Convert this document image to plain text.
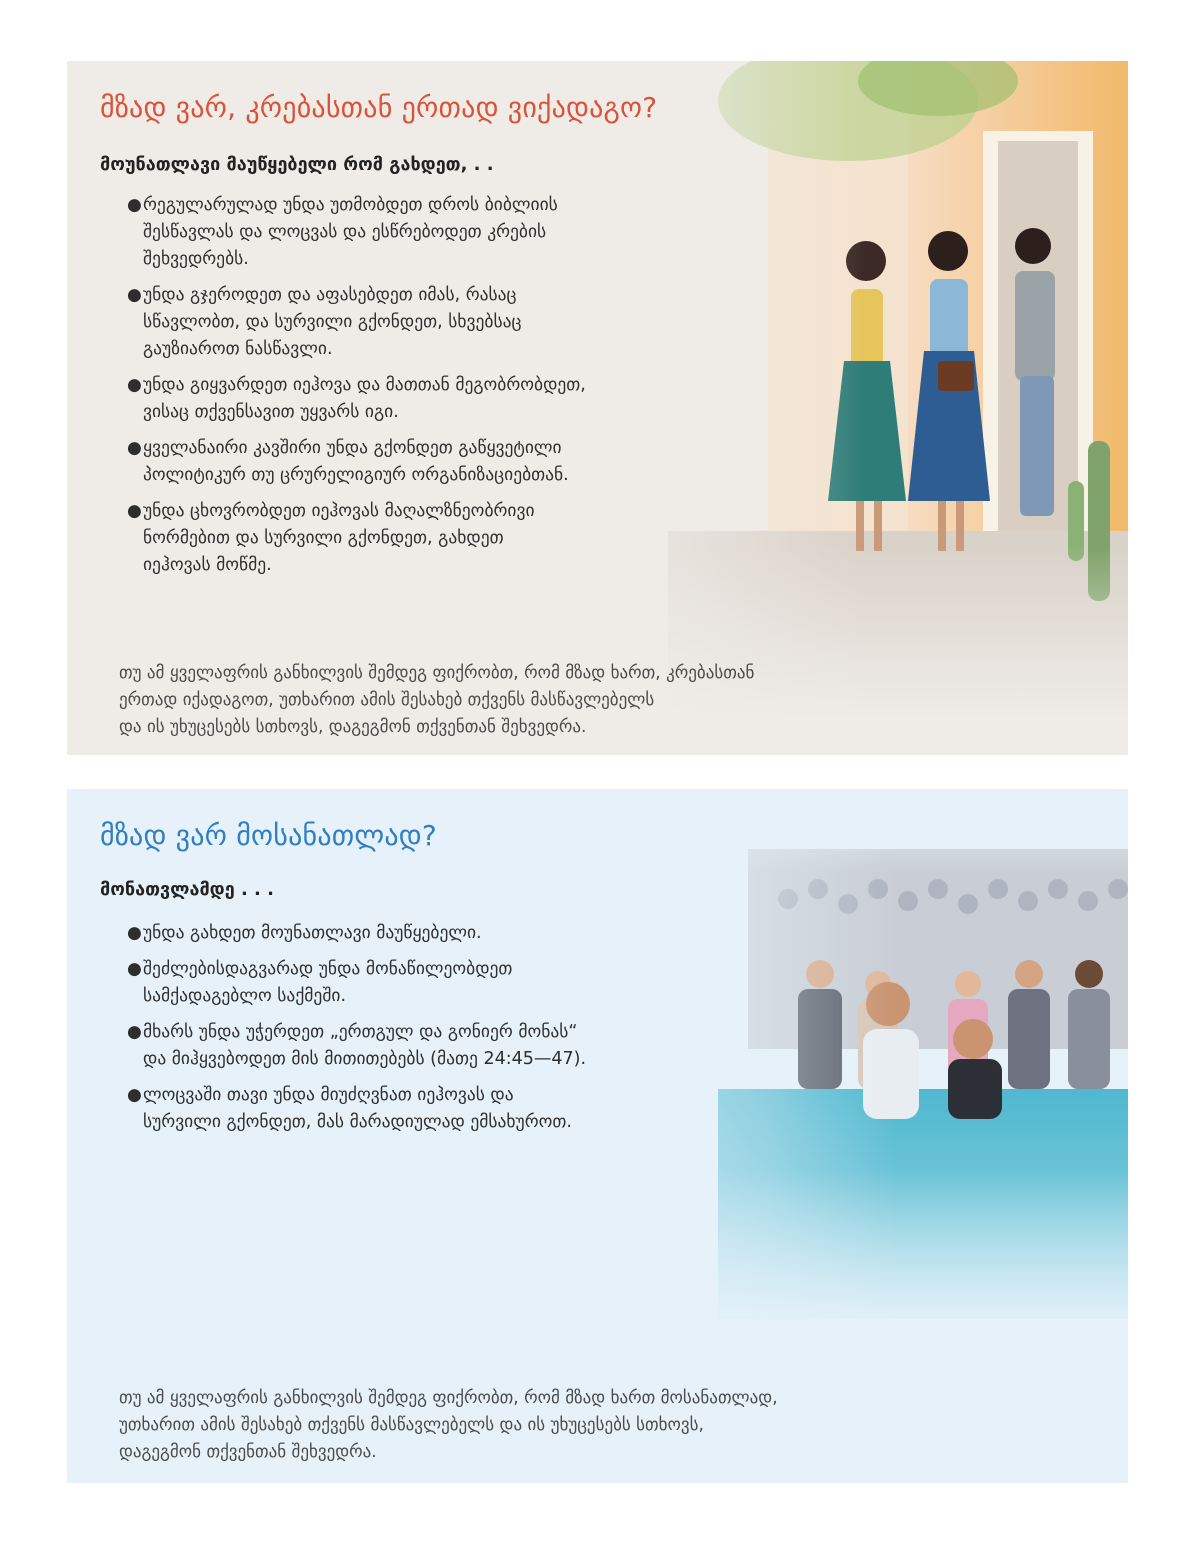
მზად ვარ, კრებასთან ერთად ვიქადაგო?
მოუნათლავი მაუწყებელი რომ გახდეთ, . .
● რეგულარულად უნდა უთმობდეთ დროს ბიბლიის
შესწავლას და ლოცვას და ესწრებოდეთ კრების
შეხვედრებს.
● უნდა გჯეროდეთ და აფასებდეთ იმას, რასაც
სწავლობთ, და სურვილი გქონდეთ, სხვებსაც
გაუზიაროთ ნასწავლი.
● უნდა გიყვარდეთ იეჰოვა და მათთან მეგობრობდეთ,
ვისაც თქვენსავით უყვარს იგი.
● ყველანაირი კავშირი უნდა გქონდეთ გაწყვეტილი
პოლიტიკურ თუ ცრურელიგიურ ორგანიზაციებთან.
● უნდა ცხოვრობდეთ იეჰოვას მაღალზნეობრივი
ნორმებით და სურვილი გქონდეთ, გახდეთ
იეჰოვას მოწმე.
თუ ამ ყველაფრის განხილვის შემდეგ ფიქრობთ, რომ მზად ხართ, კრებასთან
ერთად იქადაგოთ, უთხარით ამის შესახებ თქვენს მასწავლებელს
და ის უხუცესებს სთხოვს, დაგეგმონ თქვენთან შეხვედრა.
მზად ვარ მოსანათლად?
მონათვლამდე . . .
● უნდა გახდეთ მოუნათლავი მაუწყებელი.
● შეძლებისდაგვარად უნდა მონაწილეობდეთ
სამქადაგებლო საქმეში.
● მხარს უნდა უჭერდეთ „ერთგულ და გონიერ მონას“
და მიჰყვებოდეთ მის მითითებებს (მათე 24:45—47).
● ლოცვაში თავი უნდა მიუძღვნათ იეჰოვას და
სურვილი გქონდეთ, მას მარადიულად ემსახუროთ.
თუ ამ ყველაფრის განხილვის შემდეგ ფიქრობთ, რომ მზად ხართ მოსანათლად,
უთხარით ამის შესახებ თქვენს მასწავლებელს და ის უხუცესებს სთხოვს,
დაგეგმონ თქვენთან შეხვედრა.
